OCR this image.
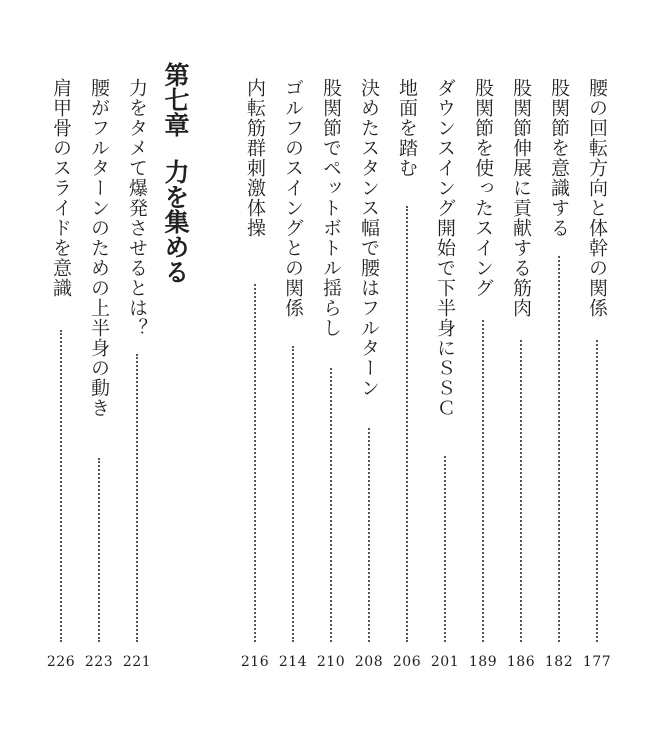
腰の回転方向と体幹の関係
177
股関節を意識する
182
股関節伸展に貢献する筋肉
186
股関節を使ったスイング
189
ダウンスイング開始で下半身にＳＳＣ
201
地面を踏む
206
決めたスタンス幅で腰はフルターン
208
股関節でペットボトル揺らし
210
ゴルフのスイングとの関係
214
内転筋群刺激体操
216
第七章力を集める
力をタメて爆発させるとは？
221
腰がフルターンのための上半身の動き
223
肩甲骨のスライドを意識
226
